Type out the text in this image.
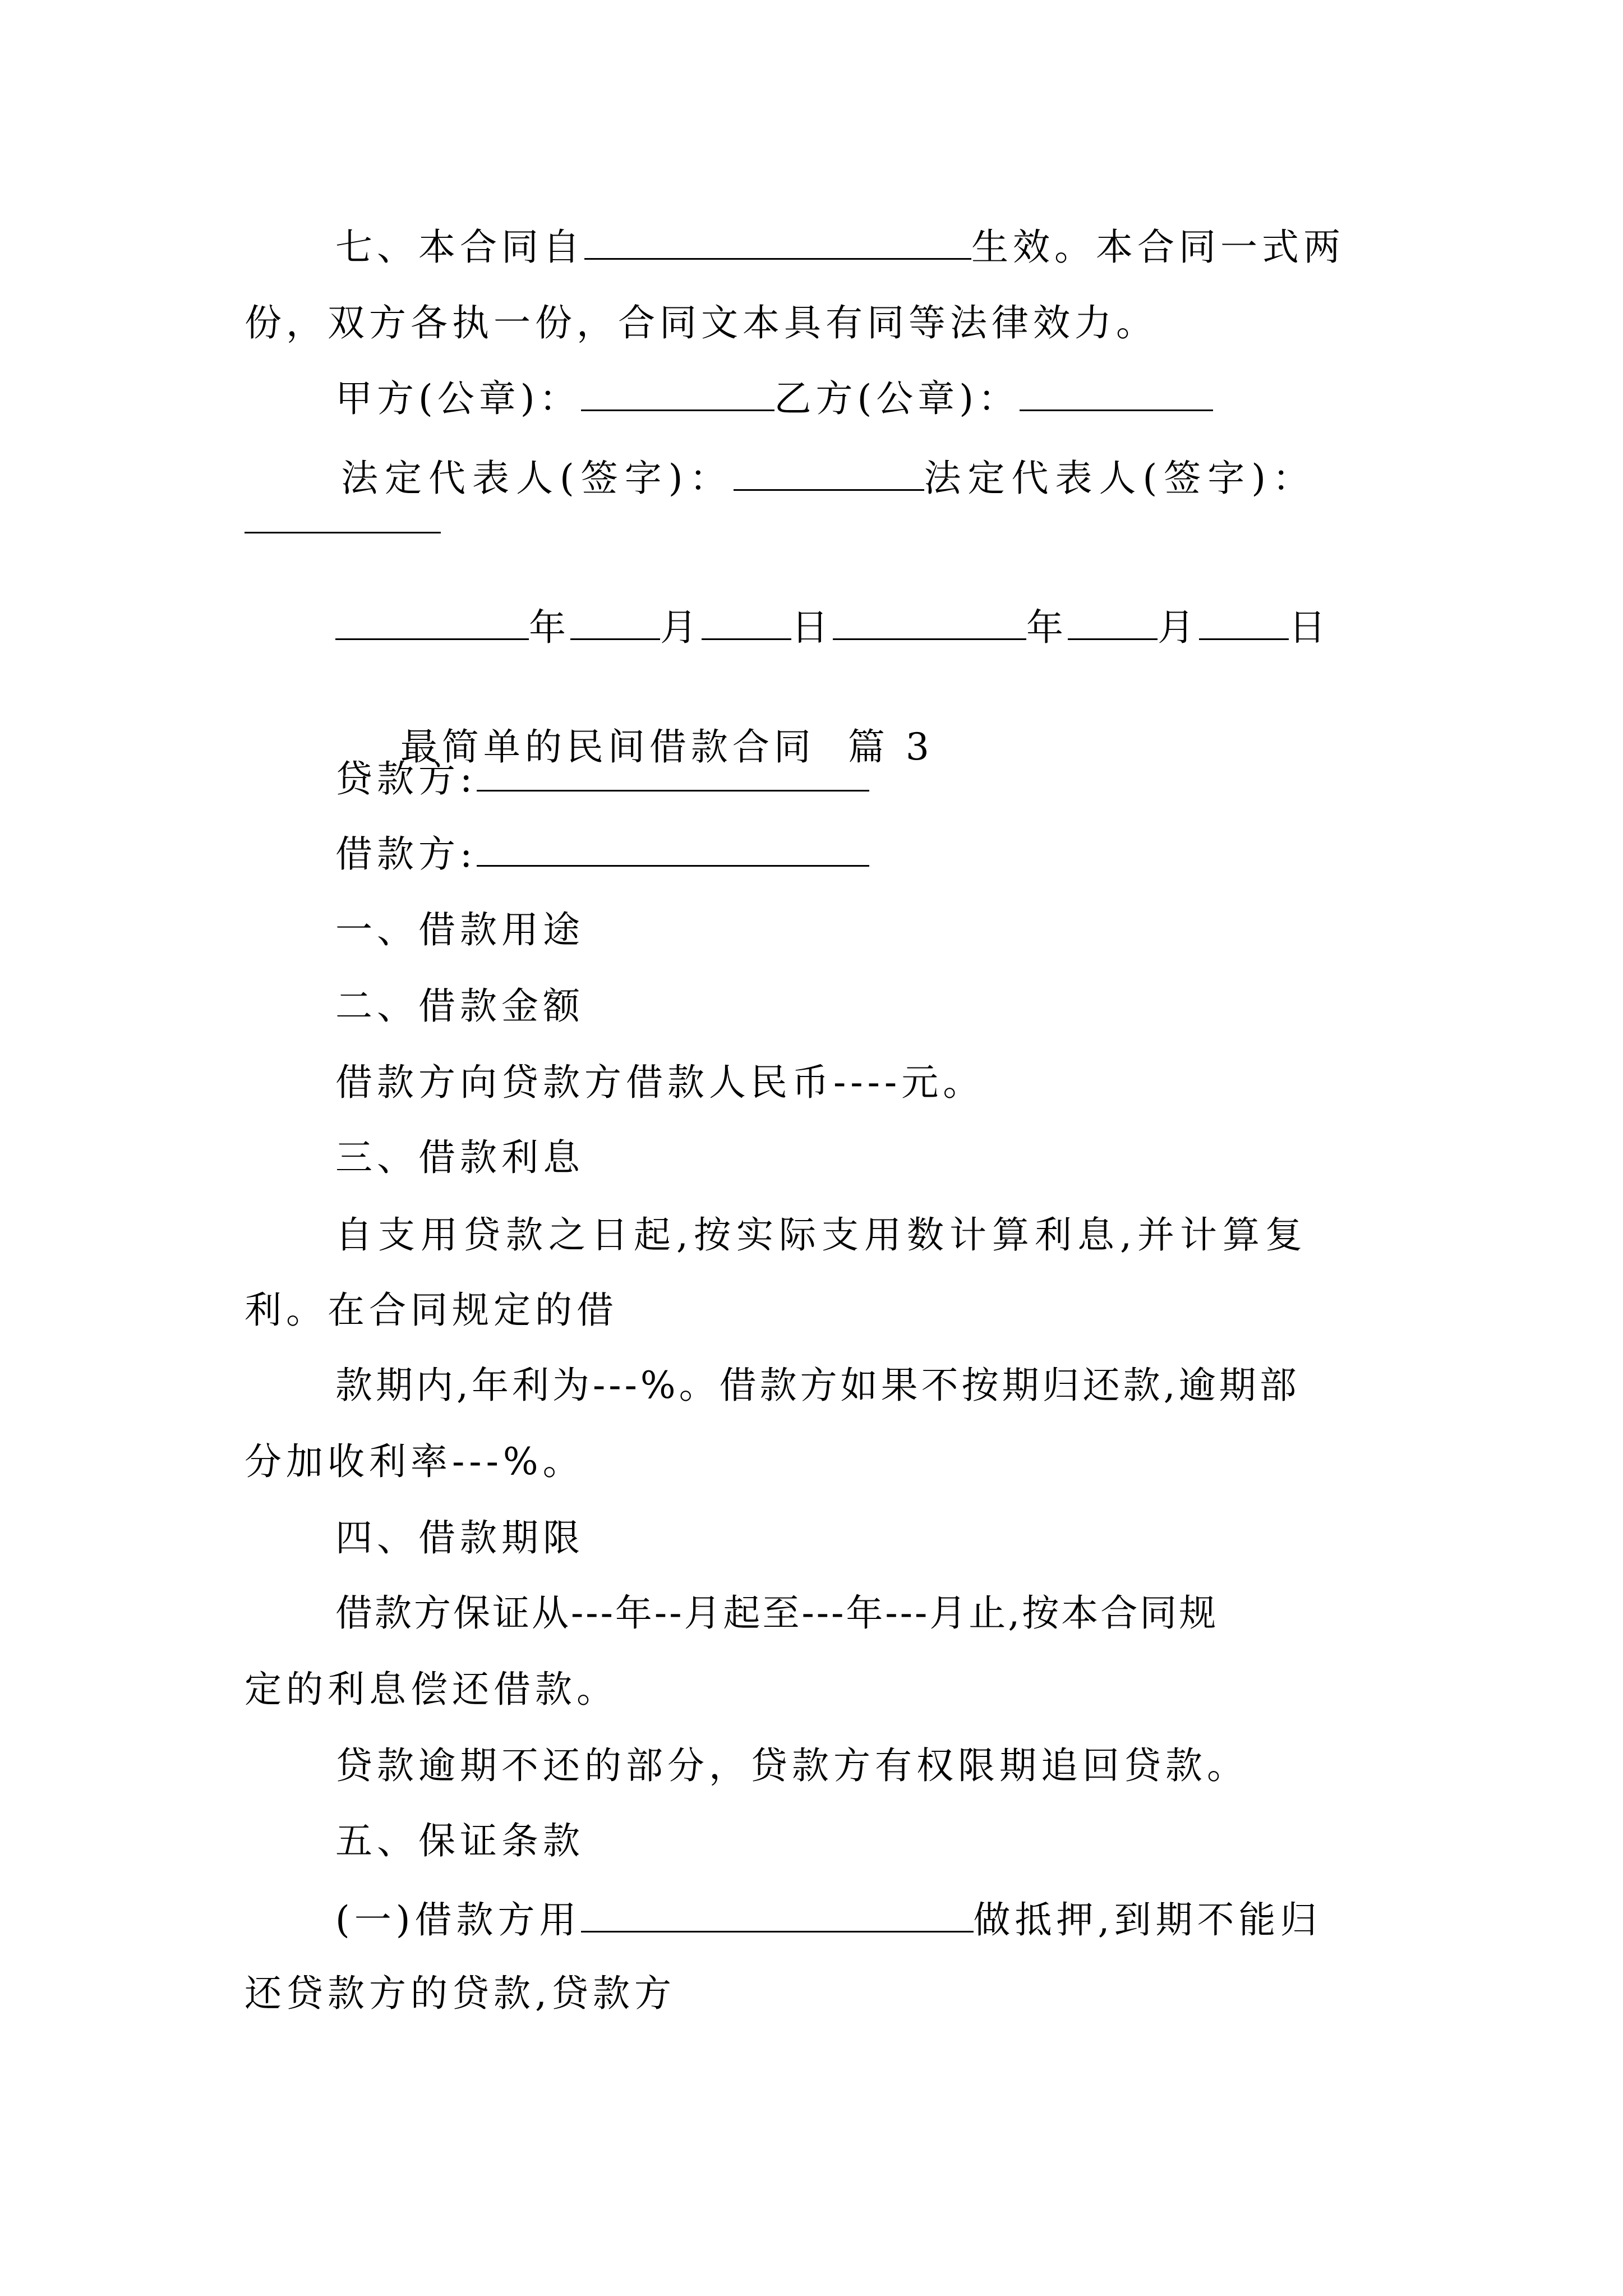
七、本合同自	生效。本合同一式两

份，双方各执一份，合同文本具有同等法律效力。

甲方(公章)：	乙方(公章)：

法定代表人(签字)：	法定代表人(签字)：

年 月 日	年 月 日

最简单的民间借款合同  篇 3

贷款方:

借款方:

一、借款用途

二、借款金额

借款方向贷款方借款人民币----元。

三、借款利息

自支用贷款之日起,按实际支用数计算利息,并计算复

利。在合同规定的借

款期内,年利为---%。借款方如果不按期归还款,逾期部

分加收利率---%。

四、借款期限

借款方保证从---年--月起至---年---月止,按本合同规

定的利息偿还借款。

贷款逾期不还的部分，贷款方有权限期追回贷款。

五、保证条款

(一)借款方用	做抵押,到期不能归

还贷款方的贷款,贷款方
